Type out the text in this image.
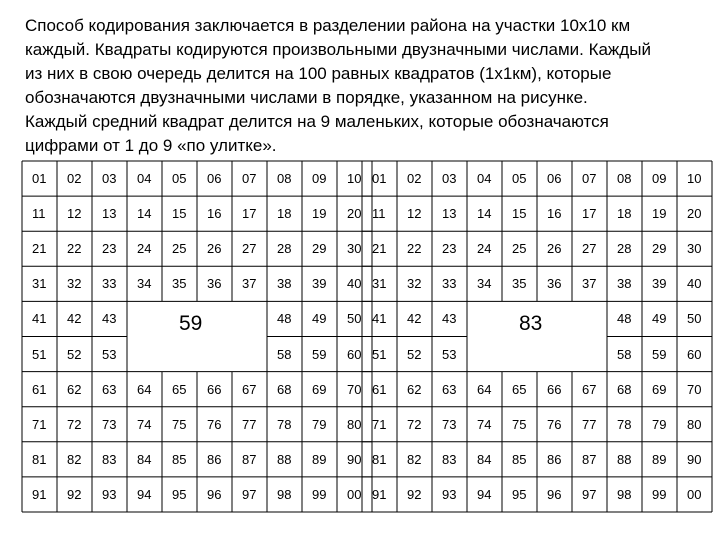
Способ кодирования заключается в разделении района на участки 10х10 км

каждый. Квадраты кодируются произвольными двузначными числами. Каждый

из них в свою очередь делится на 100 равных квадратов (1х1км), которые

обозначаются двузначными числами в порядке, указанном на рисунке.

Каждый средний квадрат делится на 9 маленьких, которые обозначаются

цифрами от 1 до 9 «по улитке».

01 02 03 04 05 06 07 08 09 10
11 12 13 14 15 16 17 18 19 20
21 22 23 24 25 26 27 28 29 30
31 32 33 34 35 36 37 38 39 40
41 42 43	48 49 50
51 52 53	58 59 60
61 62 63 64 65 66 67 68 69 70
71 72 73 74 75 76 77 78 79 80
81 82 83 84 85 86 87 88 89 90
91 92 93 94 95 96 97 98 99 00
59
01 02 03 04 05 06 07 08 09 10
11 12 13 14 15 16 17 18 19 20
21 22 23 24 25 26 27 28 29 30
31 32 33 34 35 36 37 38 39 40
41 42 43	48 49 50
51 52 53	58 59 60
61 62 63 64 65 66 67 68 69 70
71 72 73 74 75 76 77 78 79 80
81 82 83 84 85 86 87 88 89 90
91 92 93 94 95 96 97 98 99 00
83
